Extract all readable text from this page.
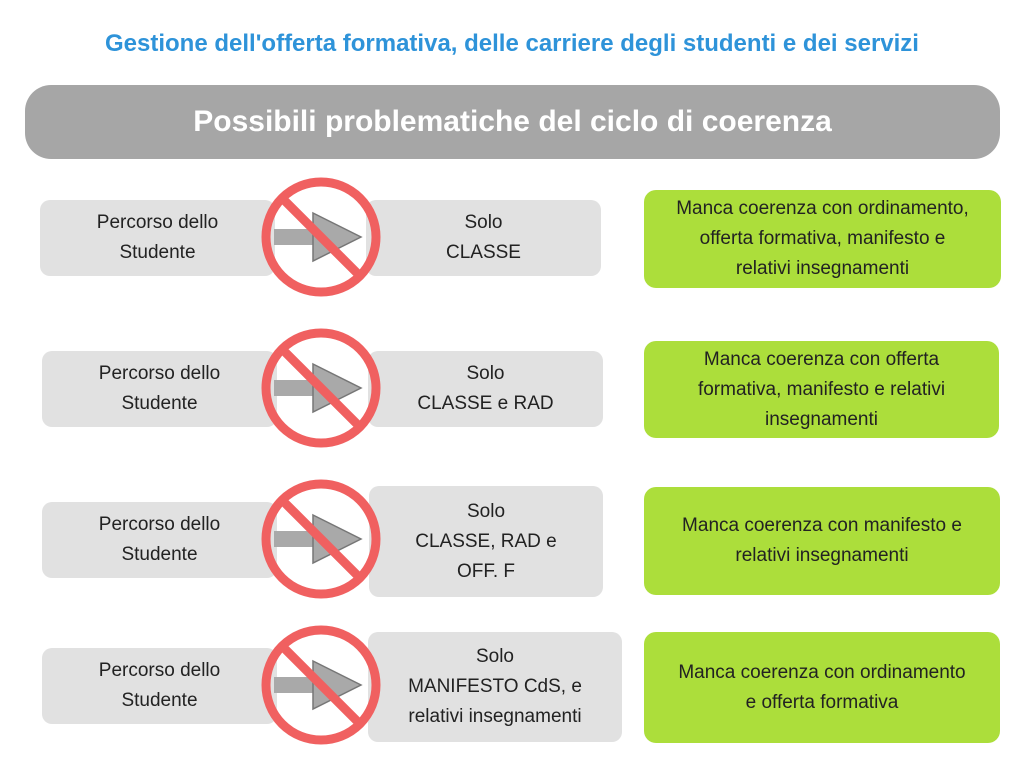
Gestione dell'offerta formativa, delle carriere degli studenti e dei servizi
Possibili problematiche del ciclo di coerenza
Percorso dello
Studente
Solo
CLASSE
Manca coerenza con ordinamento,
offerta formativa, manifesto e
relativi insegnamenti
Percorso dello
Studente
Solo
CLASSE e RAD
Manca coerenza con offerta
formativa, manifesto e relativi
insegnamenti
Percorso dello
Studente
Solo
CLASSE, RAD e
OFF. F
Manca coerenza con manifesto e
relativi insegnamenti
Percorso dello
Studente
Solo
MANIFESTO CdS, e
relativi insegnamenti
Manca coerenza con ordinamento
e offerta formativa
